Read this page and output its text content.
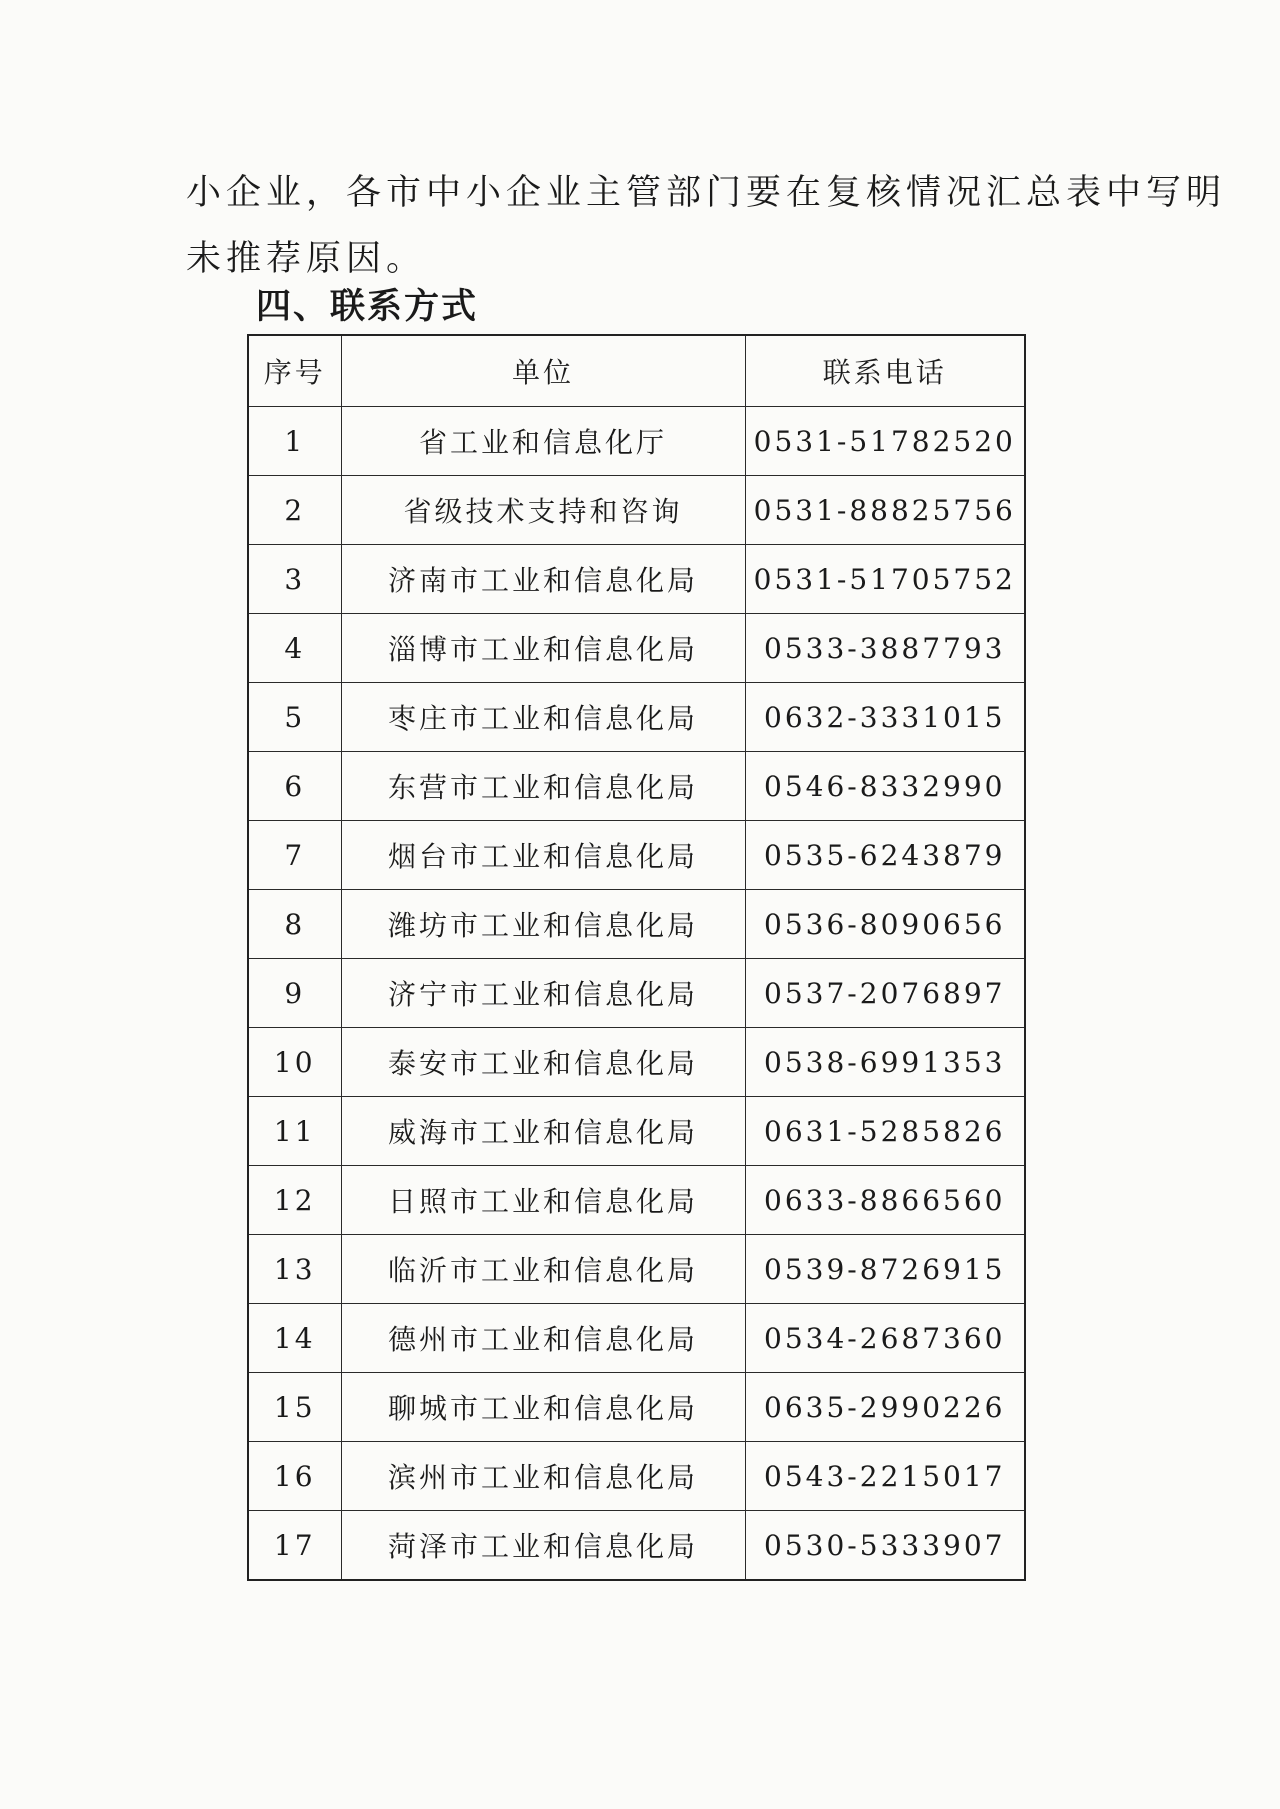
小企业，各市中小企业主管部门要在复核情况汇总表中写明
未推荐原因。

四、联系方式
序号	单位	联系电话
1	省工业和信息化厅	0531-51782520
2	省级技术支持和咨询	0531-88825756
3	济南市工业和信息化局	0531-51705752
4	淄博市工业和信息化局	0533-3887793
5	枣庄市工业和信息化局	0632-3331015
6	东营市工业和信息化局	0546-8332990
7	烟台市工业和信息化局	0535-6243879
8	潍坊市工业和信息化局	0536-8090656
9	济宁市工业和信息化局	0537-2076897
10	泰安市工业和信息化局	0538-6991353
11	威海市工业和信息化局	0631-5285826
12	日照市工业和信息化局	0633-8866560
13	临沂市工业和信息化局	0539-8726915
14	德州市工业和信息化局	0534-2687360
15	聊城市工业和信息化局	0635-2990226
16	滨州市工业和信息化局	0543-2215017
17	菏泽市工业和信息化局	0530-5333907
